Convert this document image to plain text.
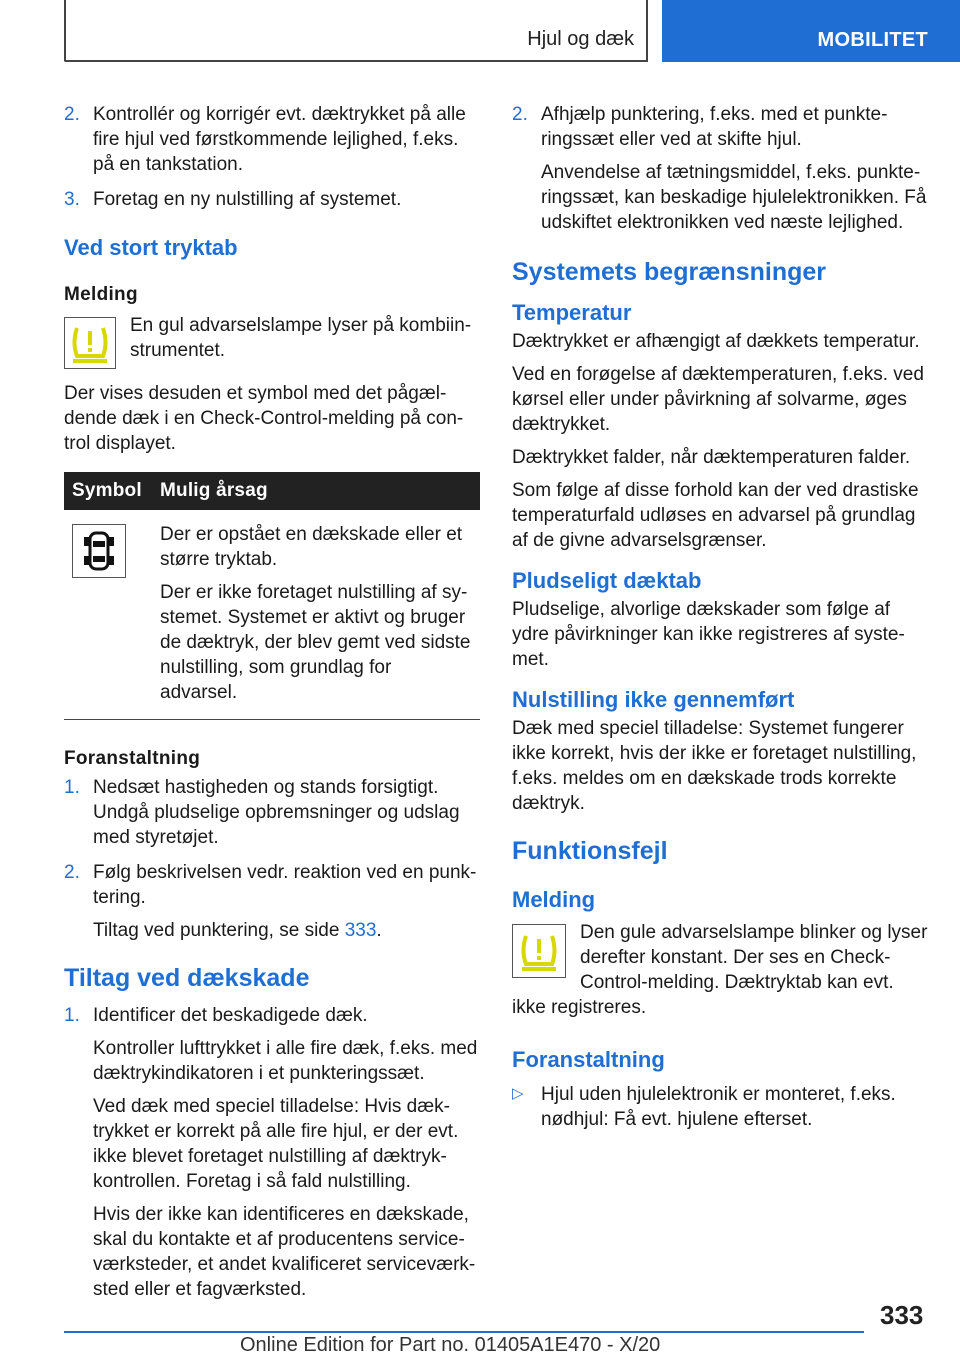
Hjul og dæk	MOBILITET
2. Kontrollér og korrigér evt. dæktrykket på alle fire hjul ved førstkommende lejlighed, f.eks. på en tankstation.

3. Foretag en ny nulstilling af systemet.

Ved stort tryktab

Melding

En gul advarselslampe lyser på kombiinstrumentet.

Der vises desuden et symbol med det pågældende dæk i en Check-Control-melding på control displayet.

Symbol	Mulig årsag

Der er opstået en dækskade eller et større tryktab.

Der er ikke foretaget nulstilling af systemet. Systemet er aktivt og bruger de dæktryk, der blev gemt ved sidste nulstilling, som grundlag for advarsel.

Foranstaltning

1. Nedsæt hastigheden og stands forsigtigt. Undgå pludselige opbremsninger og udslag med styretøjet.

2. Følg beskrivelsen vedr. reaktion ved en punktering.

Tiltag ved punktering, se side 333.

Tiltag ved dækskade
1. Identificer det beskadigede dæk.

Kontroller lufttrykket i alle fire dæk, f.eks. med dæktrykindikatoren i et punkteringssæt.

Ved dæk med speciel tilladelse: Hvis dæktrykket er korrekt på alle fire hjul, er der evt. ikke blevet foretaget nulstilling af dæktrykkontrollen. Foretag i så fald nulstilling.

Hvis der ikke kan identificeres en dækskade, skal du kontakte et af producentens serviceværksteder, et andet kvalificeret serviceværksted eller et fagværksted.

2. Afhjælp punktering, f.eks. med et punkteringssæt eller ved at skifte hjul.

Anvendelse af tætningsmiddel, f.eks. punkteringssæt, kan beskadige hjulelektronikken. Få udskiftet elektronikken ved næste lejlighed.

Systemets begrænsninger
Temperatur

Dæktrykket er afhængigt af dækkets temperatur.

Ved en forøgelse af dæktemperaturen, f.eks. ved kørsel eller under påvirkning af solvarme, øges dæktrykket.

Dæktrykket falder, når dæktemperaturen falder.

Som følge af disse forhold kan der ved drastiske temperaturfald udløses en advarsel på grundlag af de givne advarselsgrænser.

Pludseligt dæktab

Pludselige, alvorlige dækskader som følge af ydre påvirkninger kan ikke registreres af systemet.

Nulstilling ikke gennemført

Dæk med speciel tilladelse: Systemet fungerer ikke korrekt, hvis der ikke er foretaget nulstilling, f.eks. meldes om en dækskade trods korrekte dæktryk.

Funktionsfejl
Melding

Den gule advarselslampe blinker og lyser derefter konstant. Der ses en Check-Control-melding. Dæktryktab kan evt.

ikke registreres.

Foranstaltning
▷ Hjul uden hjulelektronik er monteret, f.eks. nødhjul: Få evt. hjulene efterset.

333
Online Edition for Part no. 01405A1E470 - X/20
